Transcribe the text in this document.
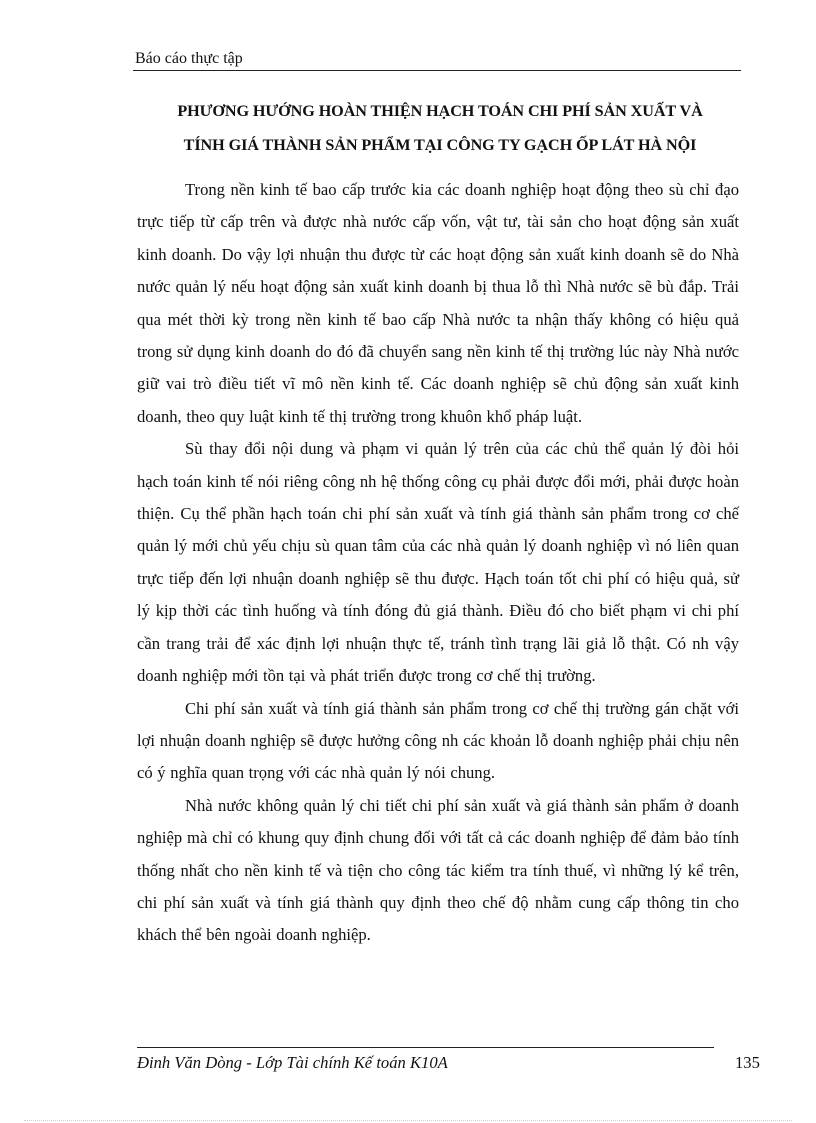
Báo cáo thực tập
PHƯƠNG HƯỚNG HOÀN THIỆN HẠCH TOÁN CHI PHÍ SẢN XUẤT VÀ
TÍNH GIÁ THÀNH SẢN PHẨM TẠI CÔNG TY GẠCH ỐP LÁT HÀ NỘI

Trong nền kinh tế bao cấp trước kia các doanh nghiệp hoạt động theo sù chỉ đạo trực tiếp từ cấp trên và được nhà nước cấp vốn, vật tư, tài sản cho hoạt động sản xuất kinh doanh. Do vậy lợi nhuận thu được từ các hoạt động sản xuất kinh doanh sẽ do Nhà nước quản lý nếu hoạt động sản xuất kinh doanh bị thua lỗ thì Nhà nước sẽ bù đắp. Trải qua mét thời kỳ trong nền kinh tế bao cấp Nhà nước ta nhận thấy không có hiệu quả trong sử dụng kinh doanh do đó đã chuyển sang nền kinh tế thị trường lúc này Nhà nước giữ vai trò điều tiết vĩ mô nền kinh tế. Các doanh nghiệp sẽ chủ động sản xuất kinh doanh, theo quy luật kinh tế thị trường trong khuôn khổ pháp luật.

Sù thay đổi nội dung và phạm vi quản lý trên của các chủ thể quản lý đòi hỏi hạch toán kinh tế nói riêng công nh hệ thống công cụ phải được đổi mới, phải được hoàn thiện. Cụ thể phần hạch toán chi phí sản xuất và tính giá thành sản phẩm trong cơ chế quản lý mới chủ yếu chịu sù quan tâm của các nhà quản lý doanh nghiệp vì nó liên quan trực tiếp đến lợi nhuận doanh nghiệp sẽ thu được. Hạch toán tốt chi phí có hiệu quả, sử lý kịp thời các tình huống và tính đóng đủ giá thành. Điều đó cho biết phạm vi chi phí cần trang trải để xác định lợi nhuận thực tế, tránh tình trạng lãi giả lỗ thật. Có nh vậy doanh nghiệp mới tồn tại và phát triển được trong cơ chế thị trường.

Chi phí sản xuất và tính giá thành sản phẩm trong cơ chế thị trường gán chặt với lợi nhuận doanh nghiệp sẽ được hưởng công nh các khoản lỗ doanh nghiệp phải chịu nên có ý nghĩa quan trọng với các nhà quản lý nói chung.

Nhà nước không quản lý chi tiết chi phí sản xuất và giá thành sản phẩm ở doanh nghiệp mà chỉ có khung quy định chung đối với tất cả các doanh nghiệp để đảm bảo tính thống nhất cho nền kinh tế và tiện cho công tác kiểm tra tính thuế, vì những lý kể trên, chi phí sản xuất và tính giá thành quy định theo chế độ nhằm cung cấp thông tin cho khách thể bên ngoài doanh nghiệp.

Đinh Văn Dòng - Lớp Tài chính Kế toán K10A	135
